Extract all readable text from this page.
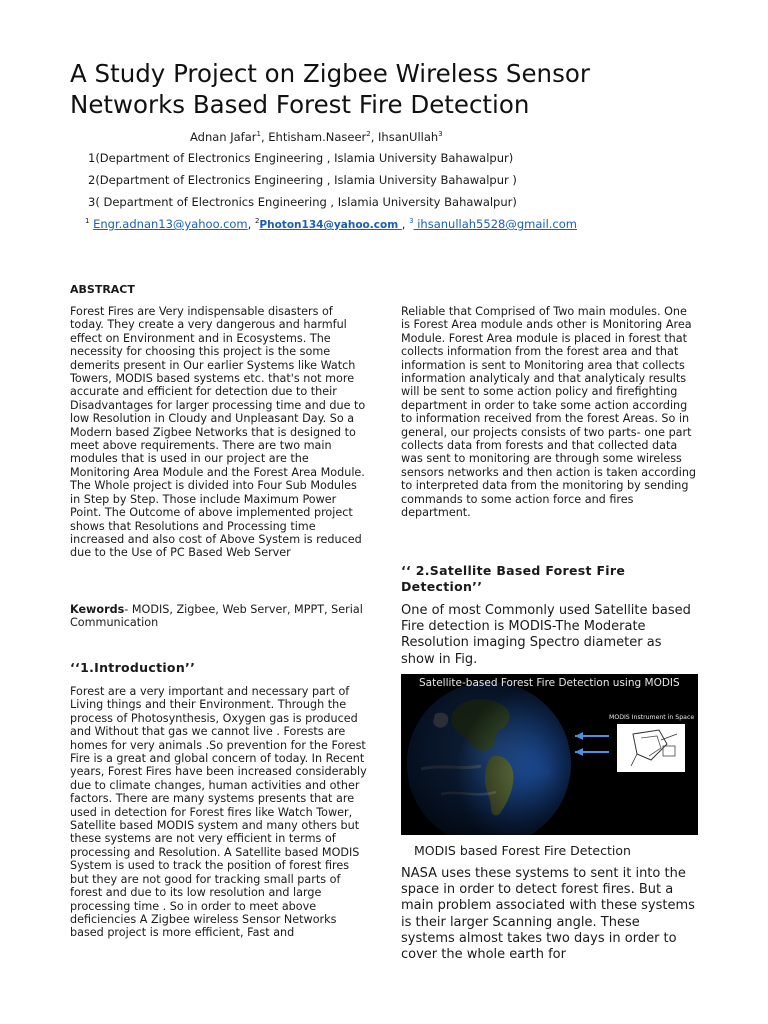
A Study Project on Zigbee Wireless Sensor
Networks Based Forest Fire Detection
Adnan Jafar$^1$, Ehtisham.Naseer$^2$, IhsanUllah$^3$
1(Department of Electronics Engineering , Islamia University Bahawalpur)
2(Department of Electronics Engineering , Islamia University Bahawalpur )
3( Department of Electronics Engineering , Islamia University Bahawalpur)
$^1$ Engr.adnan13@yahoo.com, $^2$Photon134@yahoo.com , $^3$ ihsanullah5528@gmail.com
ABSTRACT
Forest Fires are Very indispensable disasters of today. They create a very dangerous and harmful effect on Environment and in Ecosystems. The necessity for choosing this project is the some demerits present in Our earlier Systems like Watch Towers, MODIS based systems etc. that's not more accurate and efficient for detection due to their Disadvantages for larger processing time and due to low Resolution in Cloudy and Unpleasant Day. So a Modern based Zigbee Networks that is designed to meet above requirements. There are two main modules that is used in our project are the Monitoring Area Module and the Forest Area Module. The Whole project is divided into Four Sub Modules in Step by Step. Those include Maximum Power Point. The Outcome of above implemented project shows that Resolutions and Processing time increased and also cost of Above System is reduced due to the Use of PC Based Web Server
Kewords- MODIS, Zigbee, Web Server, MPPT, Serial Communication
‘‘1.Introduction’’
Forest are a very important and necessary part of Living things and their Environment. Through the process of Photosynthesis, Oxygen gas is produced and Without that gas we cannot live . Forests are homes for very animals .So prevention for the Forest Fire is a great and global concern of today. In Recent years, Forest Fires have been increased considerably due to climate changes, human activities and other factors. There are many systems presents that are used in detection for Forest fires like Watch Tower, Satellite based MODIS system and many others but these systems are not very efficient in terms of processing and Resolution. A Satellite based MODIS System is used to track the position of forest fires but they are not good for tracking small parts of forest and due to its low resolution and large processing time . So in order to meet above deficiencies A Zigbee wireless Sensor Networks based project is more efficient, Fast and
Reliable that Comprised of Two main modules. One is Forest Area module ands other is Monitoring Area Module. Forest Area module is placed in forest that collects information from the forest area and that information is sent to Monitoring area that collects information analyticaly and that analyticaly results will be sent to some action policy and firefighting department in order to take some action according to information received from the forest Areas. So in general, our projects consists of two parts- one part collects data from forests and that collected data was sent to monitoring are through some wireless sensors networks and then action is taken according to interpreted data from the monitoring by sending commands to some action force and fires department.
‘‘ 2.Satellite Based Forest Fire Detection’’
One of most Commonly used Satellite based Fire detection is MODIS-The Moderate Resolution imaging Spectro diameter as show in Fig.
Satellite-based Forest Fire Detection using MODIS
MODIS Instrument in Space
MODIS based Forest Fire Detection
NASA uses these systems to sent it into the space in order to detect forest fires. But a main problem associated with these systems is their larger Scanning angle. These systems almost takes two days in order to cover the whole earth for
